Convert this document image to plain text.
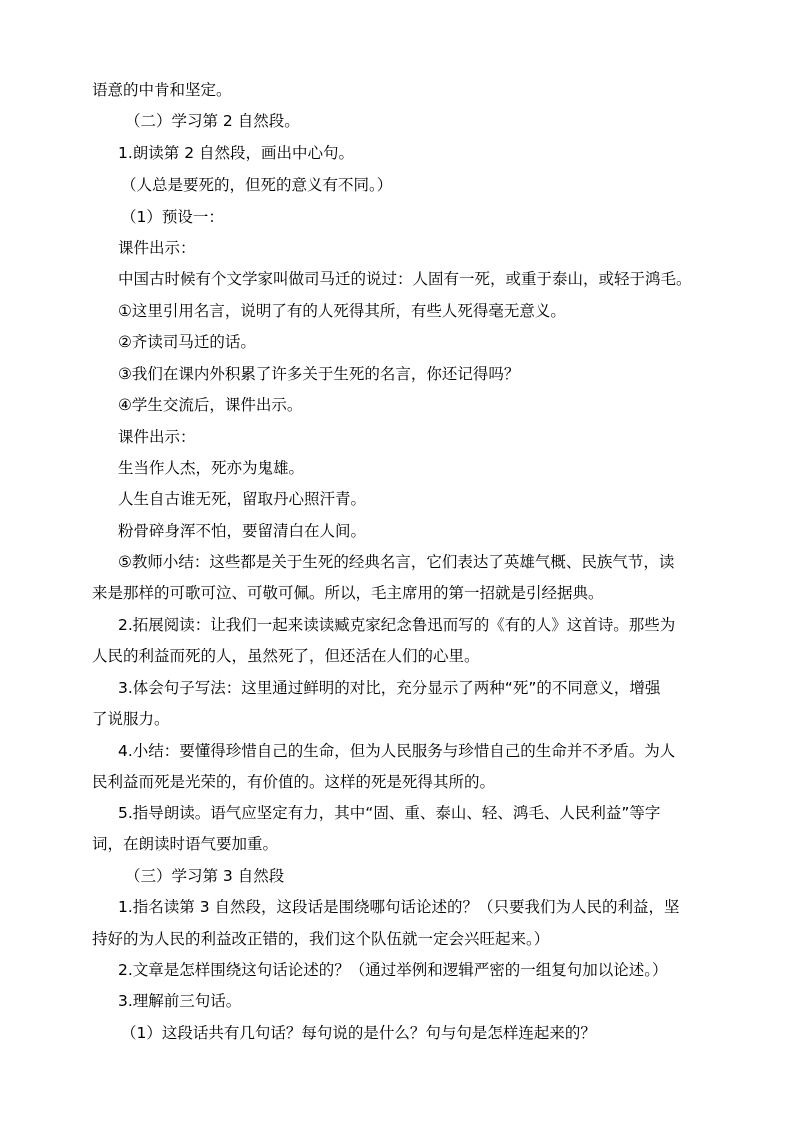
语意的中肯和坚定。
（二）学习第 2 自然段。
1.朗读第 2 自然段，画出中心句。
（人总是要死的，但死的意义有不同。）
（1）预设一：
课件出示：
中国古时候有个文学家叫做司马迁的说过：人固有一死，或重于泰山，或轻于鸿毛。
①这里引用名言，说明了有的人死得其所，有些人死得毫无意义。
②齐读司马迁的话。
③我们在课内外积累了许多关于生死的名言，你还记得吗？
④学生交流后，课件出示。
课件出示：
生当作人杰，死亦为鬼雄。
人生自古谁无死，留取丹心照汗青。
粉骨碎身浑不怕，要留清白在人间。
⑤教师小结：这些都是关于生死的经典名言，它们表达了英雄气概、民族气节，读
来是那样的可歌可泣、可敬可佩。所以，毛主席用的第一招就是引经据典。
2.拓展阅读：让我们一起来读读臧克家纪念鲁迅而写的《有的人》这首诗。那些为
人民的利益而死的人，虽然死了，但还活在人们的心里。
3.体会句子写法：这里通过鲜明的对比，充分显示了两种“死”的不同意义，增强
了说服力。
4.小结：要懂得珍惜自己的生命，但为人民服务与珍惜自己的生命并不矛盾。为人
民利益而死是光荣的，有价值的。这样的死是死得其所的。
5.指导朗读。语气应坚定有力，其中“固、重、泰山、轻、鸿毛、人民利益”等字
词，在朗读时语气要加重。
（三）学习第 3 自然段
1.指名读第 3 自然段，这段话是围绕哪句话论述的？（只要我们为人民的利益，坚
持好的为人民的利益改正错的，我们这个队伍就一定会兴旺起来。）
2.文章是怎样围绕这句话论述的？（通过举例和逻辑严密的一组复句加以论述。）
3.理解前三句话。
（1）这段话共有几句话？每句说的是什么？句与句是怎样连起来的？
